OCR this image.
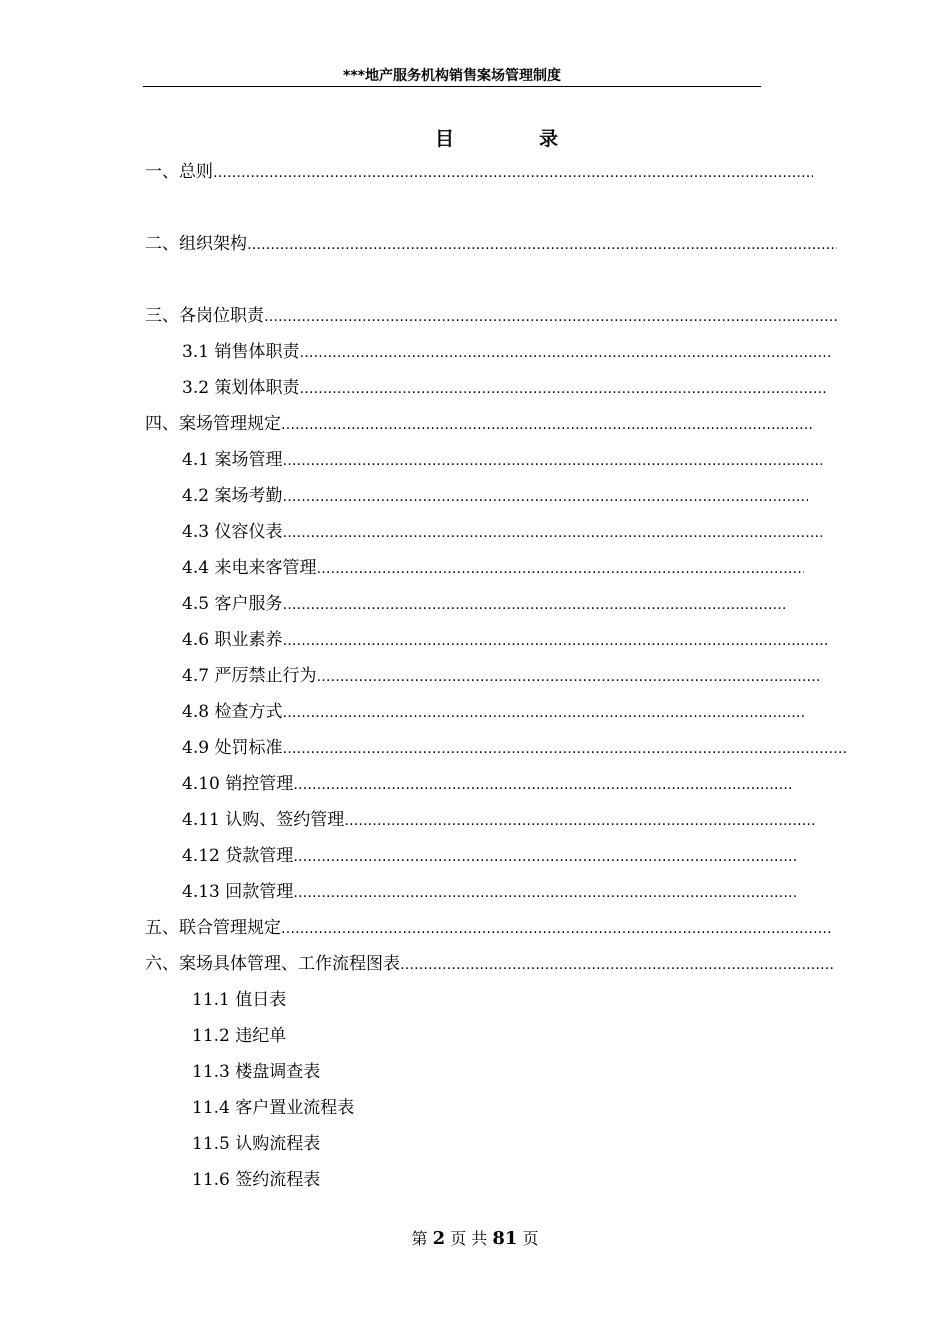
***地产服务机构销售案场管理制度
目	录
一、总则
……………………………………………………………………………………………………………………………………………………………………………………………………………………………………………
二、组织架构
……………………………………………………………………………………………………………………………………………………………………………………………………………………………………………
三、各岗位职责
……………………………………………………………………………………………………………………………………………………………………………………………………………………………………………
3.1 销售体职责
……………………………………………………………………………………………………………………………………………………………………………………………………………………………………………
3.2 策划体职责
……………………………………………………………………………………………………………………………………………………………………………………………………………………………………………
四、案场管理规定
……………………………………………………………………………………………………………………………………………………………………………………………………………………………………………
4.1 案场管理
……………………………………………………………………………………………………………………………………………………………………………………………………………………………………………
4.2 案场考勤
……………………………………………………………………………………………………………………………………………………………………………………………………………………………………………
4.3 仪容仪表
……………………………………………………………………………………………………………………………………………………………………………………………………………………………………………
4.4 来电来客管理
……………………………………………………………………………………………………………………………………………………………………………………………………………………………………………
4.5 客户服务
……………………………………………………………………………………………………………………………………………………………………………………………………………………………………………
4.6 职业素养
……………………………………………………………………………………………………………………………………………………………………………………………………………………………………………
4.7 严厉禁止行为
……………………………………………………………………………………………………………………………………………………………………………………………………………………………………………
4.8 检查方式
……………………………………………………………………………………………………………………………………………………………………………………………………………………………………………
4.9 处罚标准
……………………………………………………………………………………………………………………………………………………………………………………………………………………………………………
4.10 销控管理
……………………………………………………………………………………………………………………………………………………………………………………………………………………………………………
4.11 认购、签约管理
……………………………………………………………………………………………………………………………………………………………………………………………………………………………………………
4.12 贷款管理
……………………………………………………………………………………………………………………………………………………………………………………………………………………………………………
4.13 回款管理
……………………………………………………………………………………………………………………………………………………………………………………………………………………………………………
五、联合管理规定
……………………………………………………………………………………………………………………………………………………………………………………………………………………………………………
六、案场具体管理、工作流程图表
……………………………………………………………………………………………………………………………………………………………………………………………………………………………………………
11.1 值日表
11.2 违纪单
11.3 楼盘调查表
11.4 客户置业流程表
11.5 认购流程表
11.6 签约流程表
第 2 页 共 81 页
